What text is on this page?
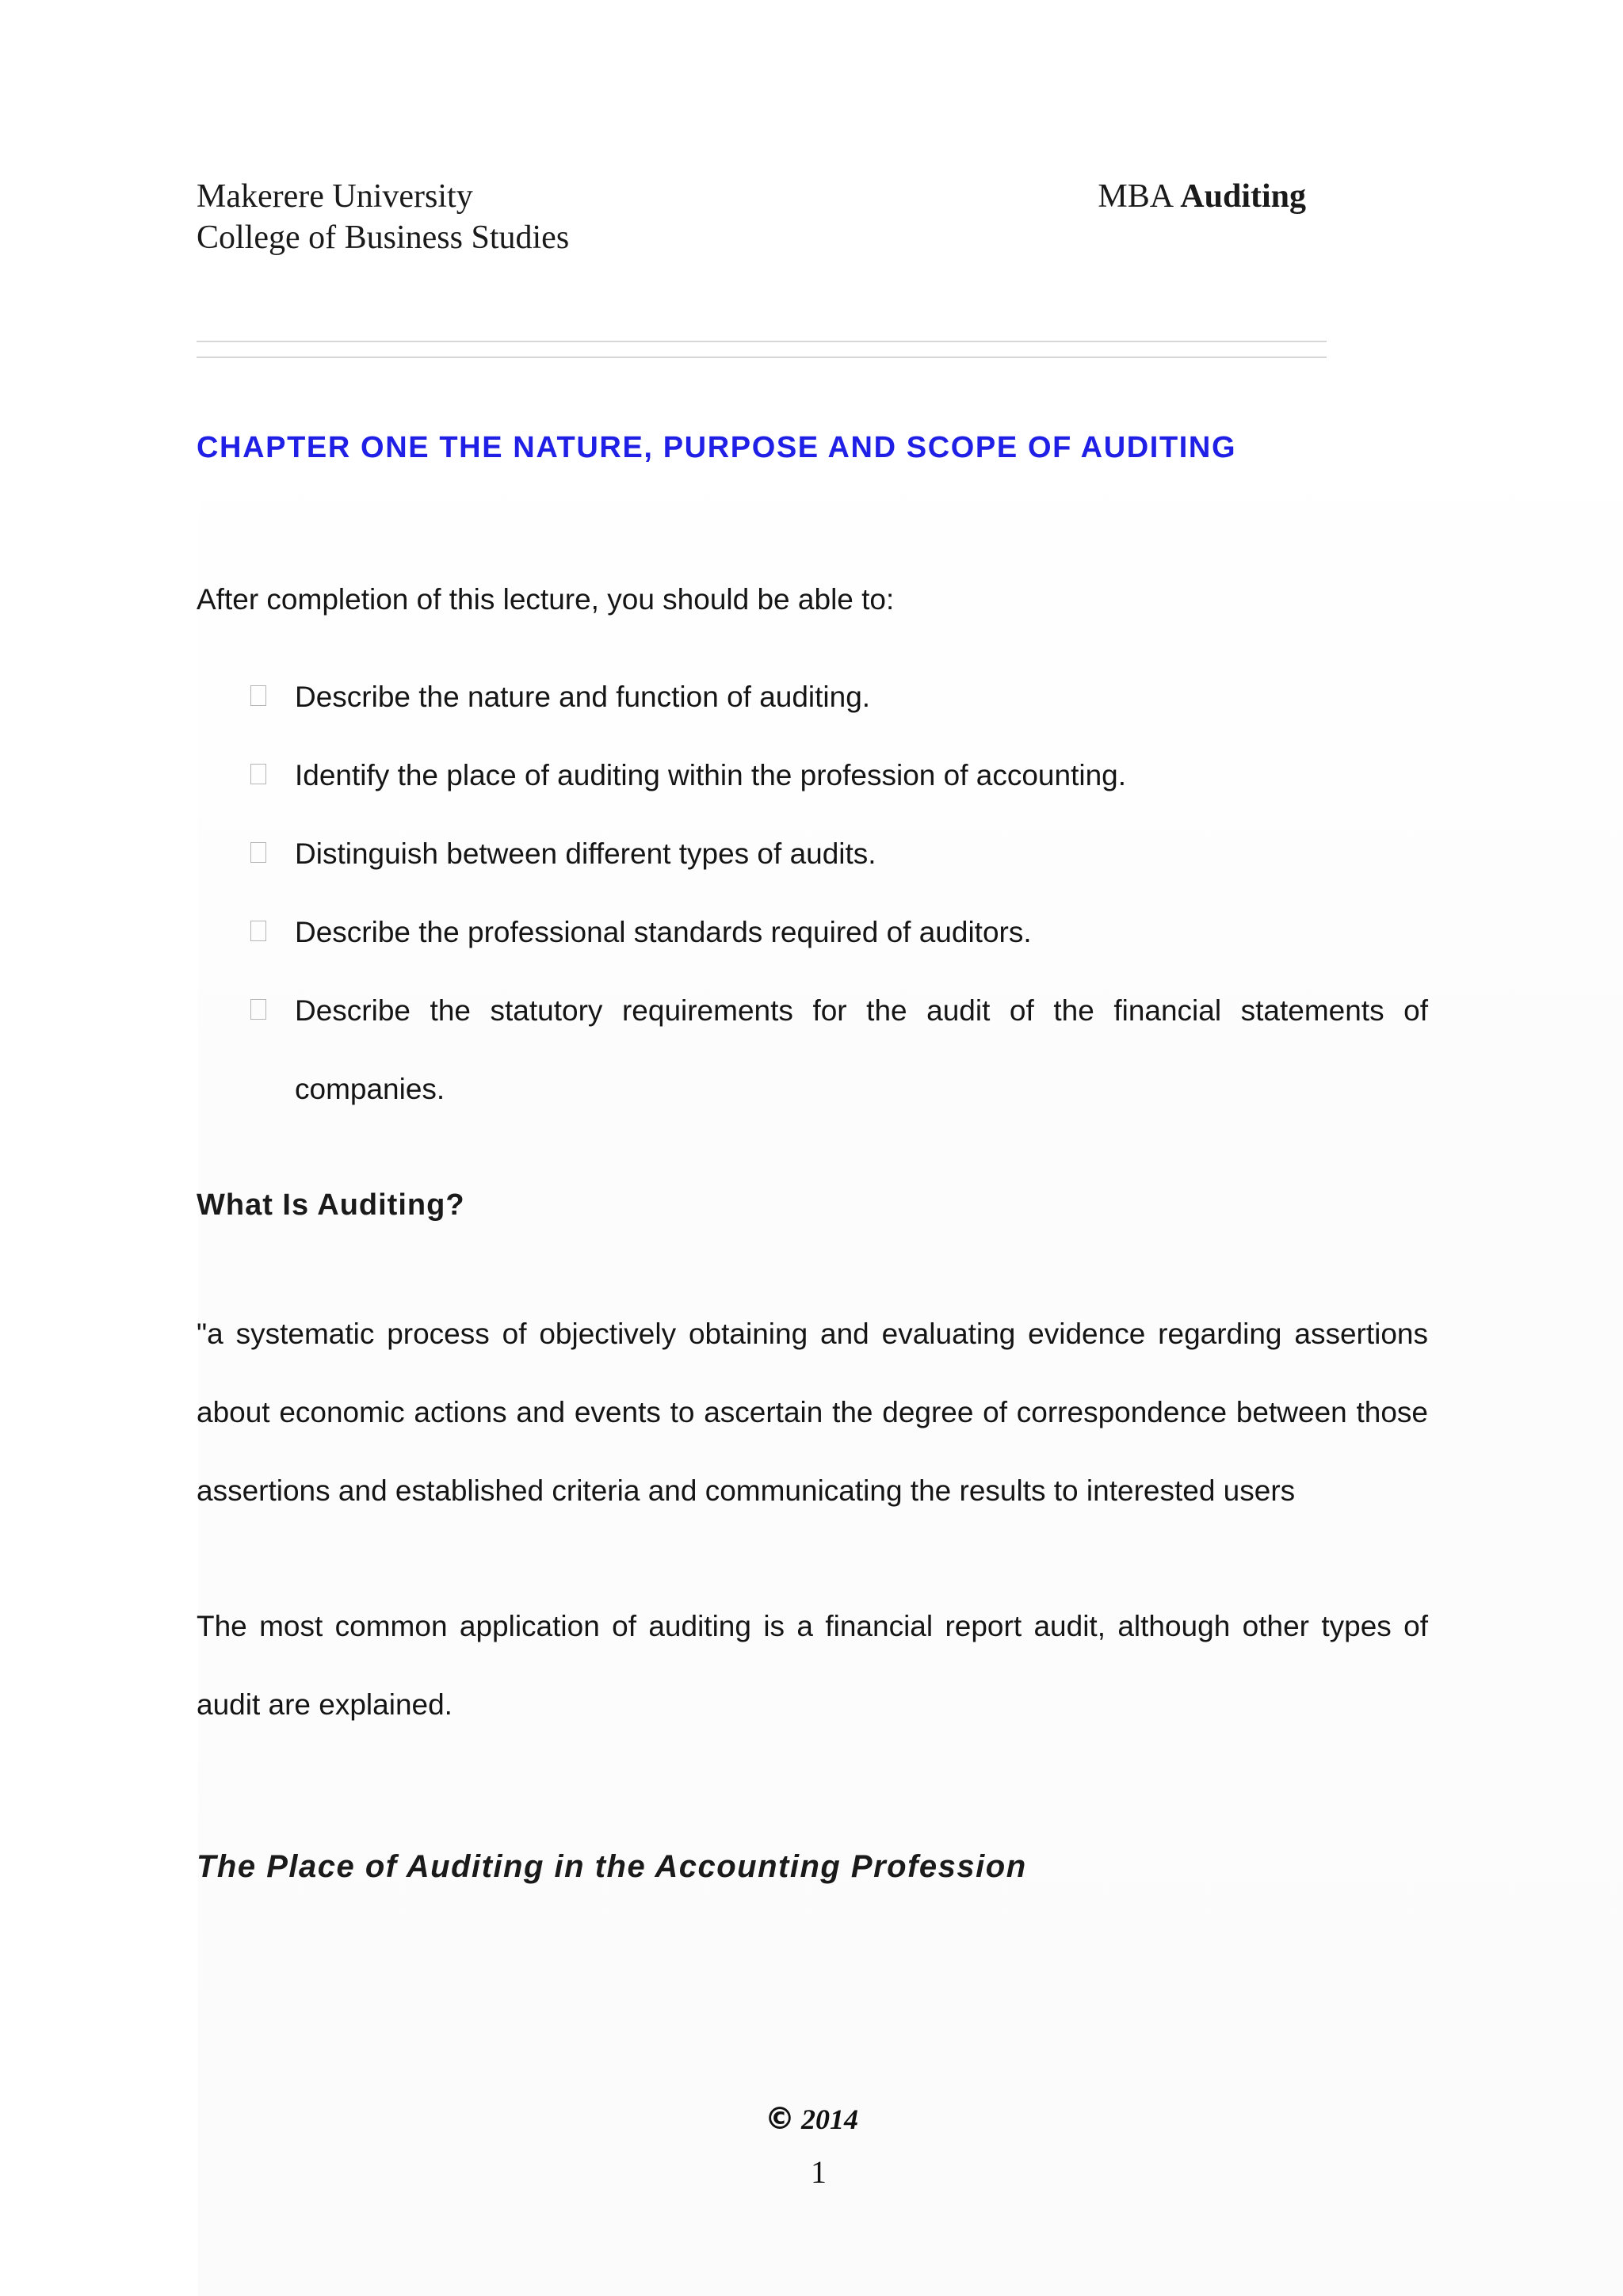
Makerere University
College of Business Studies
MBA Auditing
CHAPTER ONE THE NATURE, PURPOSE AND SCOPE OF AUDITING
After completion of this lecture, you should be able to:
Describe the nature and function of auditing.
Identify the place of auditing within the profession of accounting.
Distinguish between different types of audits.
Describe the professional standards required of auditors.
Describe the statutory requirements for the audit of the financial statements of companies.
What Is Auditing?

"a systematic process of objectively obtaining and evaluating evidence regarding assertions about economic actions and events to ascertain the degree of correspondence between those assertions and established criteria and communicating the results to interested users

The most common application of auditing is a financial report audit, although other types of audit are explained.

The Place of Auditing in the Accounting Profession
© 2014
1
